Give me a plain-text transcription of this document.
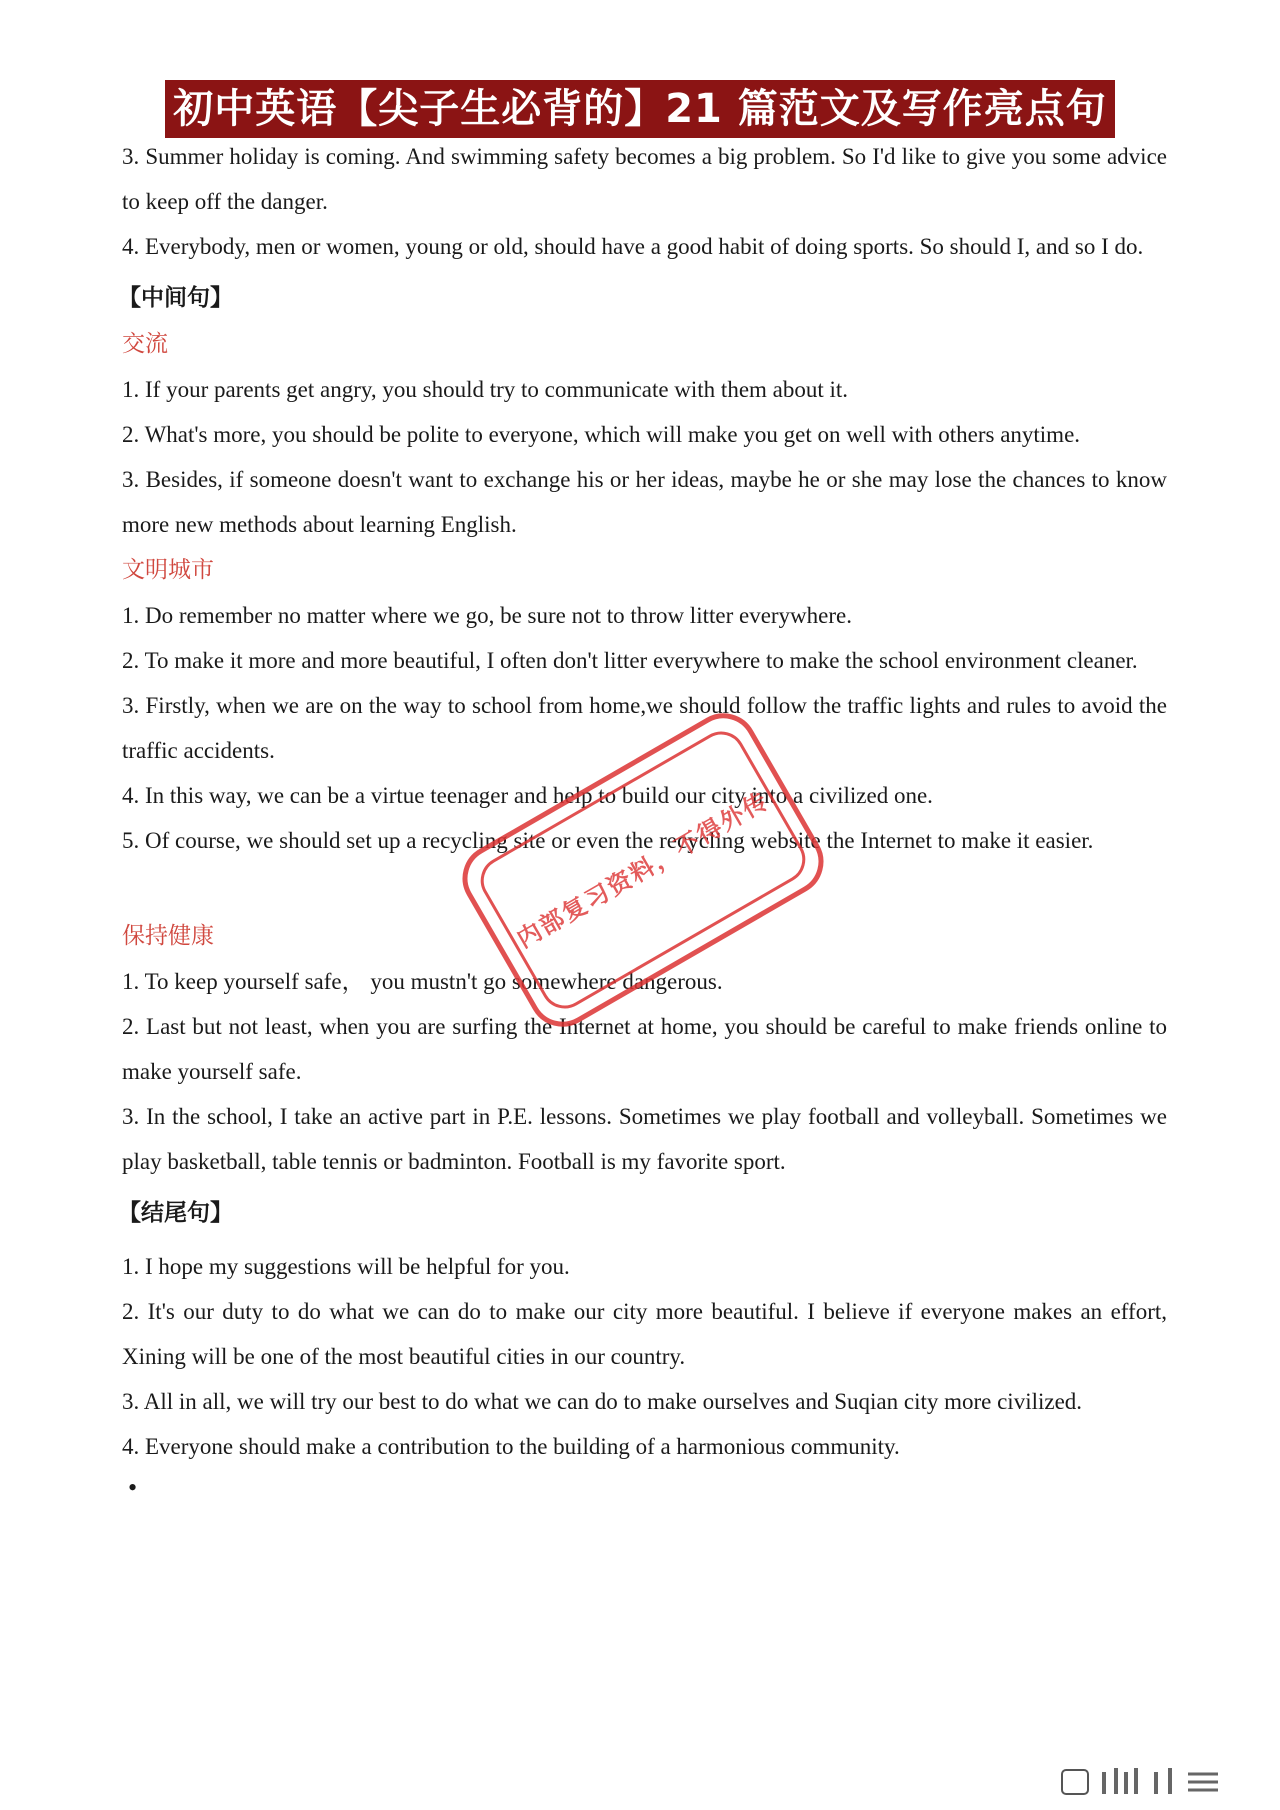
初中英语【尖子生必背的】21 篇范文及写作亮点句

3. Summer holiday is coming. And swimming safety becomes a big problem. So I'd like to give you some advice to keep off the danger.

4. Everybody, men or women, young or old, should have a good habit of doing sports. So should I, and so I do.

【中间句】
交流

1. If your parents get angry, you should try to communicate with them about it.

2. What's more, you should be polite to everyone, which will make you get on well with others anytime.

3. Besides, if someone doesn't want to exchange his or her ideas, maybe he or she may lose the chances to know more new methods about learning English.

文明城市

1. Do remember no matter where we go, be sure not to throw litter everywhere.

2. To make it more and more beautiful, I often don't litter everywhere to make the school environment cleaner.

3. Firstly, when we are on the way to school from home,we should follow the traffic lights and rules to avoid the traffic accidents.

4. In this way, we can be a virtue teenager and help to build our city into a civilized one.

5. Of course, we should set up a recycling site or even the recycling website the Internet to make it easier.

保持健康

1. To keep yourself safe， you mustn't go somewhere dangerous.

2. Last but not least, when you are surfing the Internet at home, you should be careful to make friends online to make yourself safe.

3. In the school, I take an active part in P.E. lessons. Sometimes we play football and volleyball. Sometimes we play basketball, table tennis or badminton. Football is my favorite sport.

【结尾句】

1. I hope my suggestions will be helpful for you.

2. It's our duty to do what we can do to make our city more beautiful. I believe if everyone makes an effort, Xining will be one of the most beautiful cities in our country.

3. All in all, we will try our best to do what we can do to make ourselves and Suqian city more civilized.

4. Everyone should make a contribution to the building of a harmonious community.

•
内部复习资料，不得外传
